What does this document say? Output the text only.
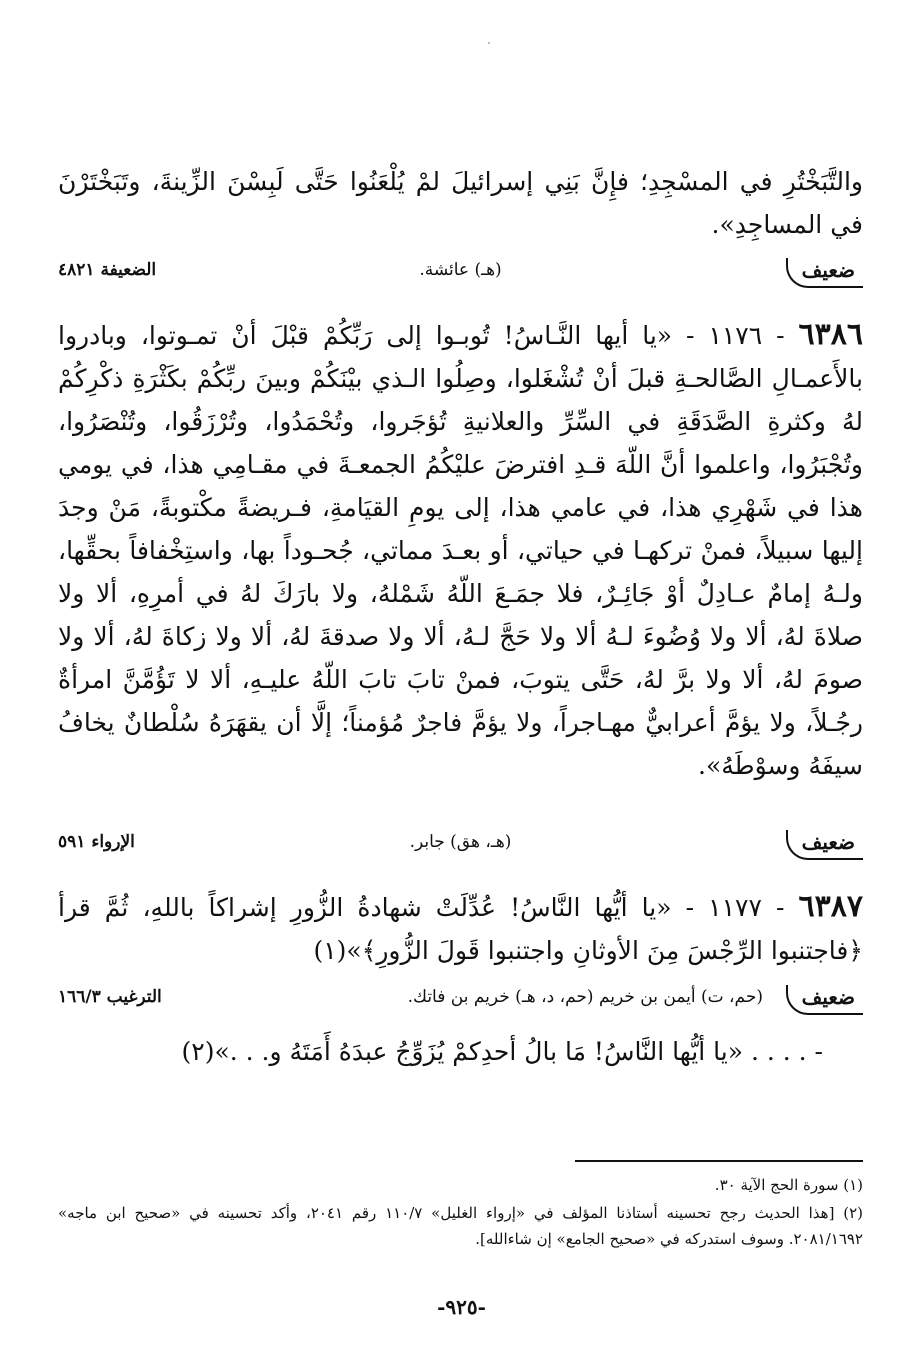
والتَّبَخْتُرِ في المسْجِدِ؛ فإِنَّ بَنِي إسرائيلَ لمْ يُلْعَنُوا حَتَّى لَبِسْنَ الزِّينةَ، وتَبَخْتَرْنَ في المساجِدِ».
ضعيف
(هـ) عائشة.
الضعيفة ٤٨٢١
٦٣٨٦ - ١١٧٦ - «يا أيها النَّـاسُ! تُوبـوا إلى رَبِّكُمْ قبْلَ أنْ تمـوتوا، وبادروا بالأَعمـالِ الصَّالحـةِ قبلَ أنْ تُشْغَلوا، وصِلُوا الـذي بيْنَكُمْ وبينَ ربِّكُمْ بكَثْرَةِ ذكْرِكُمْ لهُ وكثرةِ الصَّدَقَةِ في السِّرِّ والعلانيةِ تُؤجَروا، وتُحْمَدُوا، وتُرْزَقُوا، وتُنْصَرُوا، وتُجْبَرُوا، واعلموا أنَّ اللّهَ قـدِ افترضَ عليْكُمُ الجمعـةَ في مقـامِي هذا، في يومي هذا في شَهْرِي هذا، في عامي هذا، إلى يومِ القيَامةِ، فـريضةً مكْتوبةً، مَنْ وجدَ إليها سبيلاً، فمنْ تركهـا في حياتي، أو بعـدَ مماتي، جُحـوداً بها، واستِخْفافاً بحقِّها، ولـهُ إمامٌ عـادِلٌ أوْ جَائِـرٌ، فلا جمَـعَ اللّهُ شَمْلهُ، ولا بارَكَ لهُ في أمرِهِ، ألا ولا صلاةَ لهُ، ألا ولا وُضُوءَ لـهُ ألا ولا حَجَّ لـهُ، ألا ولا صدقةَ لهُ، ألا ولا زكاةَ لهُ، ألا ولا صومَ لهُ، ألا ولا برَّ لهُ، حَتَّى يتوبَ، فمنْ تابَ تابَ اللّهُ عليـهِ، ألا لا تَؤُمَّنَّ امرأةٌ رجُـلاً، ولا يؤمَّ أعرابيٌّ مهـاجراً، ولا يؤمَّ فاجرٌ مُؤمناً؛ إلَّا أن يقهَرَهُ سُلْطانٌ يخافُ سيفَهُ وسوْطَهُ».
ضعيف
(هـ، هق) جابر.
الإرواء ٥٩١
٦٣٨٧ - ١١٧٧ - «يا أيُّها النَّاسُ! عُدِّلَتْ شهادةُ الزُّورِ إشراكاً باللهِ، ثُمَّ قرأ ﴿فاجتنبوا الرِّجْسَ مِنَ الأوثانِ واجتنبوا قَولَ الزُّورِ﴾»(١)
ضعيف
(حم، ت) أيمن بن خريم (حم، د، هـ) خريم بن فاتك.
الترغيب ١٦٦/٣
- . . . . «يا أيُّها النَّاسُ! مَا بالُ أحدِكمْ يُزَوِّجُ عبدَهُ أَمَتَهُ و. . .»(٢)
(١) سورة الحج الآية ٣٠.
(٢) [هذا الحديث رجح تحسينه أستاذنا المؤلف في «إرواء الغليل» ١١٠/٧ رقم ٢٠٤١، وأكد تحسينه في «صحيح ابن ماجه» ٢٠٨١/١٦٩٢. وسوف استدركه في «صحيح الجامع» إن شاءالله].
-٩٢٥-
